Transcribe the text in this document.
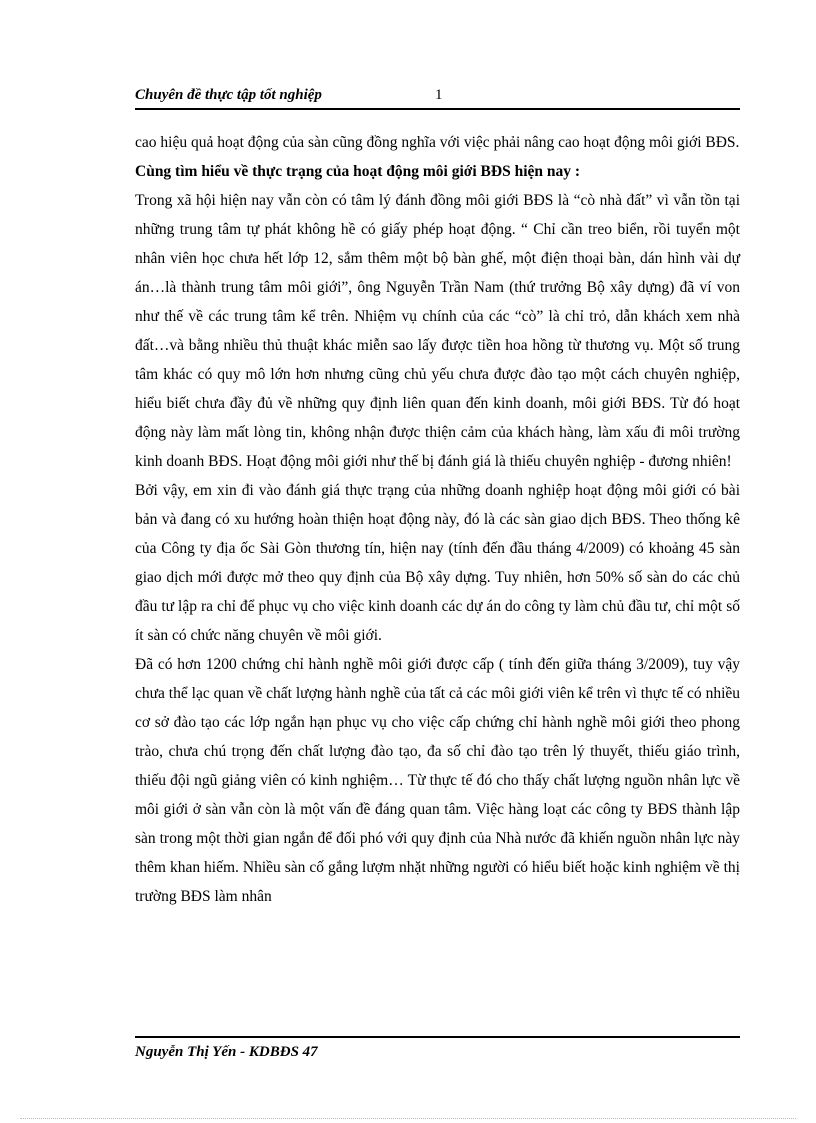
Chuyên đề thực tập tốt nghiệp	1

cao hiệu quả hoạt động của sàn cũng đồng nghĩa với việc phải nâng cao hoạt động môi giới BĐS.

Cùng tìm hiểu về thực trạng của hoạt động môi giới BĐS hiện nay :

Trong xã hội hiện nay vẫn còn có tâm lý đánh đồng môi giới BĐS là “cò nhà đất” vì vẫn tồn tại những trung tâm tự phát không hề có giấy phép hoạt động. “ Chỉ cần treo biển, rồi tuyển một nhân viên học chưa hết lớp 12, sắm thêm một bộ bàn ghế, một điện thoại bàn, dán hình vài dự án…là thành trung tâm môi giới”, ông Nguyễn Trần Nam (thứ trưởng Bộ xây dựng) đã ví von như thế về các trung tâm kể trên. Nhiệm vụ chính của các “cò” là chỉ trỏ, dẫn khách xem nhà đất…và bằng nhiều thủ thuật khác miễn sao lấy được tiền hoa hồng từ thương vụ. Một số trung tâm khác có quy mô lớn hơn nhưng cũng chủ yếu chưa được đào tạo một cách chuyên nghiệp, hiểu biết chưa đầy đủ về những quy định liên quan đến kinh doanh, môi giới BĐS. Từ đó hoạt động này làm mất lòng tin, không nhận được thiện cảm của khách hàng, làm xấu đi môi trường kinh doanh BĐS. Hoạt động môi giới như thế bị đánh giá là thiếu chuyên nghiệp - đương nhiên!

Bởi vậy, em xin đi vào đánh giá thực trạng của những doanh nghiệp hoạt động môi giới có bài bản và đang có xu hướng hoàn thiện hoạt động này, đó là các sàn giao dịch BĐS. Theo thống kê của Công ty địa ốc Sài Gòn thương tín, hiện nay (tính đến đầu tháng 4/2009) có khoảng 45 sàn giao dịch mới được mở theo quy định của Bộ xây dựng. Tuy nhiên, hơn 50% số sàn do các chủ đầu tư lập ra chỉ để phục vụ cho việc kinh doanh các dự án do công ty làm chủ đầu tư, chỉ một số ít sàn có chức năng chuyên về môi giới.

Đã có hơn 1200 chứng chỉ hành nghề môi giới được cấp ( tính đến giữa tháng 3/2009), tuy vậy chưa thể lạc quan về chất lượng hành nghề của tất cả các môi giới viên kể trên vì thực tế có nhiều cơ sở đào tạo các lớp ngắn hạn phục vụ cho việc cấp chứng chỉ hành nghề môi giới theo phong trào, chưa chú trọng đến chất lượng đào tạo, đa số chỉ đào tạo trên lý thuyết, thiếu giáo trình, thiếu đội ngũ giảng viên có kinh nghiệm… Từ thực tế đó cho thấy chất lượng nguồn nhân lực về môi giới ở sàn vẫn còn là một vấn đề đáng quan tâm. Việc hàng loạt các công ty BĐS thành lập sàn trong một thời gian ngắn để đối phó với quy định của Nhà nước đã khiến nguồn nhân lực này thêm khan hiếm. Nhiều sàn cố gắng lượm nhặt những người có hiểu biết hoặc kinh nghiệm về thị trường BĐS làm nhân

Nguyễn Thị Yến - KDBĐS 47
